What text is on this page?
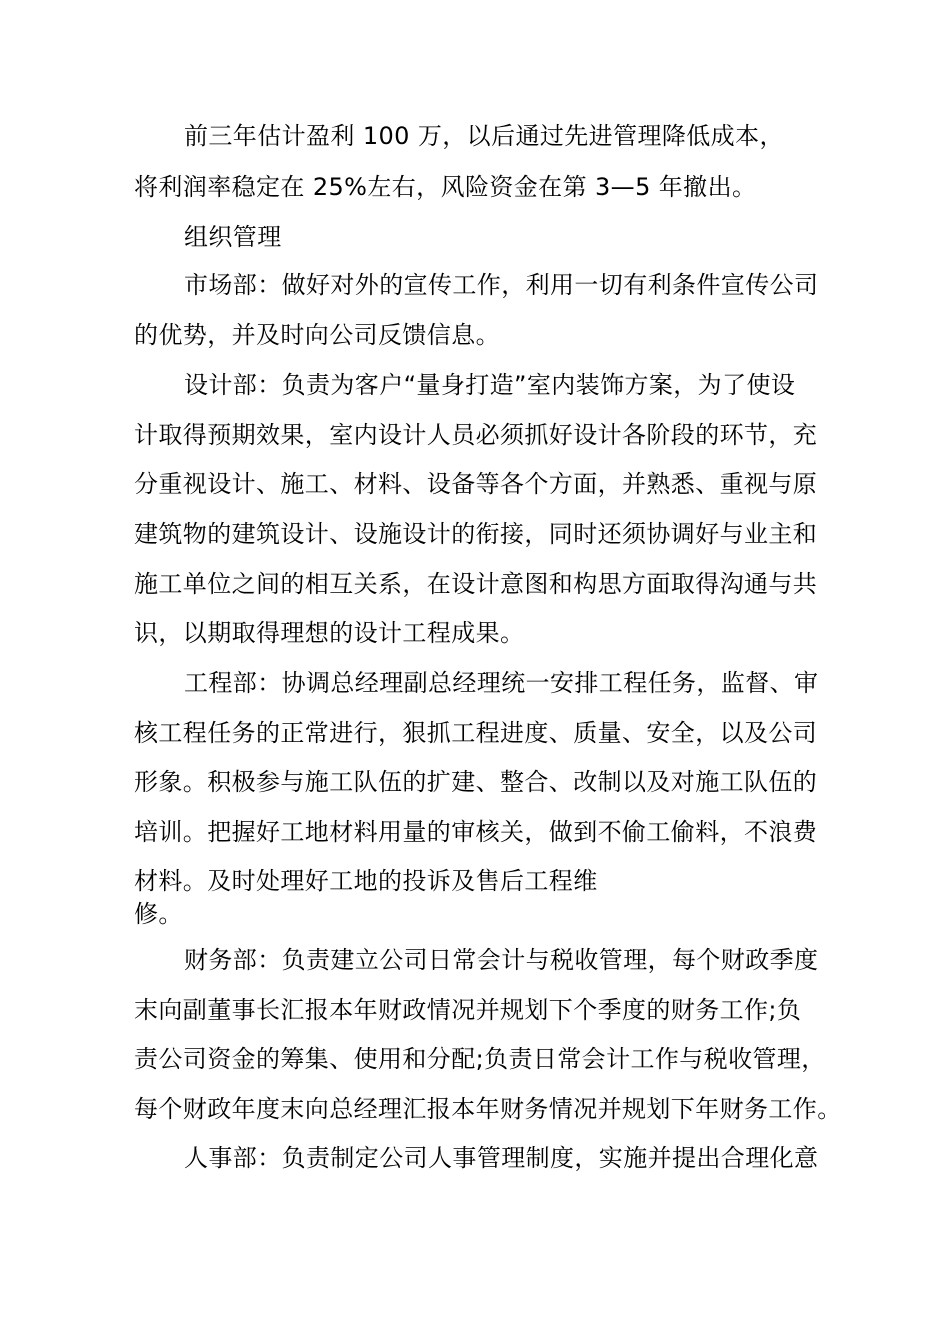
前三年估计盈利 100 万，以后通过先进管理降低成本，
将利润率稳定在 25%左右，风险资金在第 3—5 年撤出。
组织管理
市场部：做好对外的宣传工作，利用一切有利条件宣传公司
的优势，并及时向公司反馈信息。
设计部：负责为客户“量身打造”室内装饰方案，为了使设
计取得预期效果，室内设计人员必须抓好设计各阶段的环节，充
分重视设计、施工、材料、设备等各个方面，并熟悉、重视与原
建筑物的建筑设计、设施设计的衔接，同时还须协调好与业主和
施工单位之间的相互关系，在设计意图和构思方面取得沟通与共
识，以期取得理想的设计工程成果。
工程部：协调总经理副总经理统一安排工程任务，监督、审
核工程任务的正常进行，狠抓工程进度、质量、安全，以及公司
形象。积极参与施工队伍的扩建、整合、改制以及对施工队伍的
培训。把握好工地材料用量的审核关，做到不偷工偷料，不浪费
材料。及时处理好工地的投诉及售后工程维
修。
财务部：负责建立公司日常会计与税收管理，每个财政季度
末向副董事长汇报本年财政情况并规划下个季度的财务工作;负
责公司资金的筹集、使用和分配;负责日常会计工作与税收管理，
每个财政年度末向总经理汇报本年财务情况并规划下年财务工作。
人事部：负责制定公司人事管理制度，实施并提出合理化意
